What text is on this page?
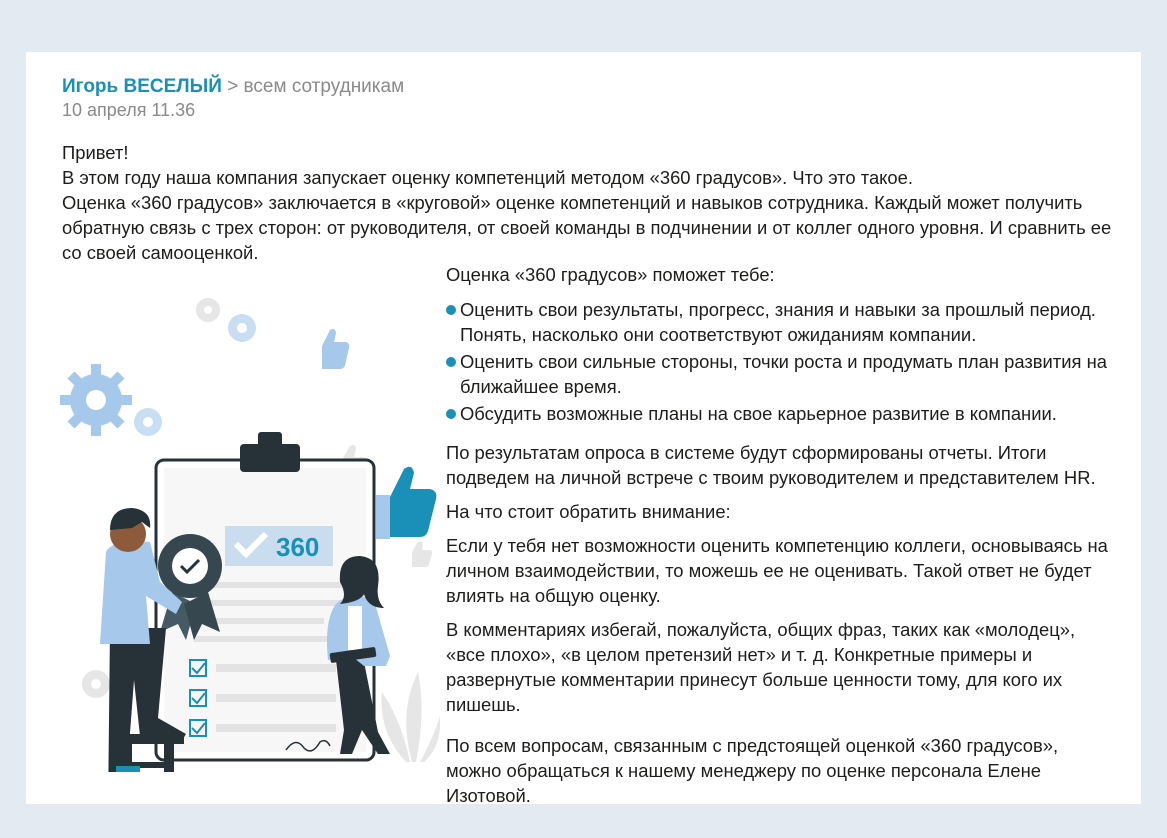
Игорь ВЕСЕЛЫЙ > всем сотрудникам
10 апреля 11.36

Привет!

В этом году наша компания запускает оценку компетенций методом «360 градусов». Что это такое.

Оценка «360 градусов» заключается в «круговой» оценке компетенций и навыков сотрудника. Каждый может получить обратную связь с трех сторон: от руководителя, от своей команды в подчинении и от коллег одного уровня. И сравнить ее со своей самооценкой.

360

Оценка «360 градусов» поможет тебе:

Оценить свои результаты, прогресс, знания и навыки за прошлый период. Понять, насколько они соответствуют ожиданиям компании.
Оценить свои сильные стороны, точки роста и продумать план развития на ближайшее время.
Обсудить возможные планы на свое карьерное развитие в компании.

По результатам опроса в системе будут сформированы отчеты. Итоги подведем на личной встрече с твоим руководителем и представителем HR.

На что стоит обратить внимание:

Если у тебя нет возможности оценить компетенцию коллеги, основываясь на личном взаимодействии, то можешь ее не оценивать. Такой ответ не будет влиять на общую оценку.

В комментариях избегай, пожалуйста, общих фраз, таких как «молодец», «все плохо», «в целом претензий нет» и т. д. Конкретные примеры и развернутые комментарии принесут больше ценности тому, для кого их пишешь.

По всем вопросам, связанным с предстоящей оценкой «360 градусов», можно обращаться к нашему менеджеру по оценке персонала Елене Изотовой.
